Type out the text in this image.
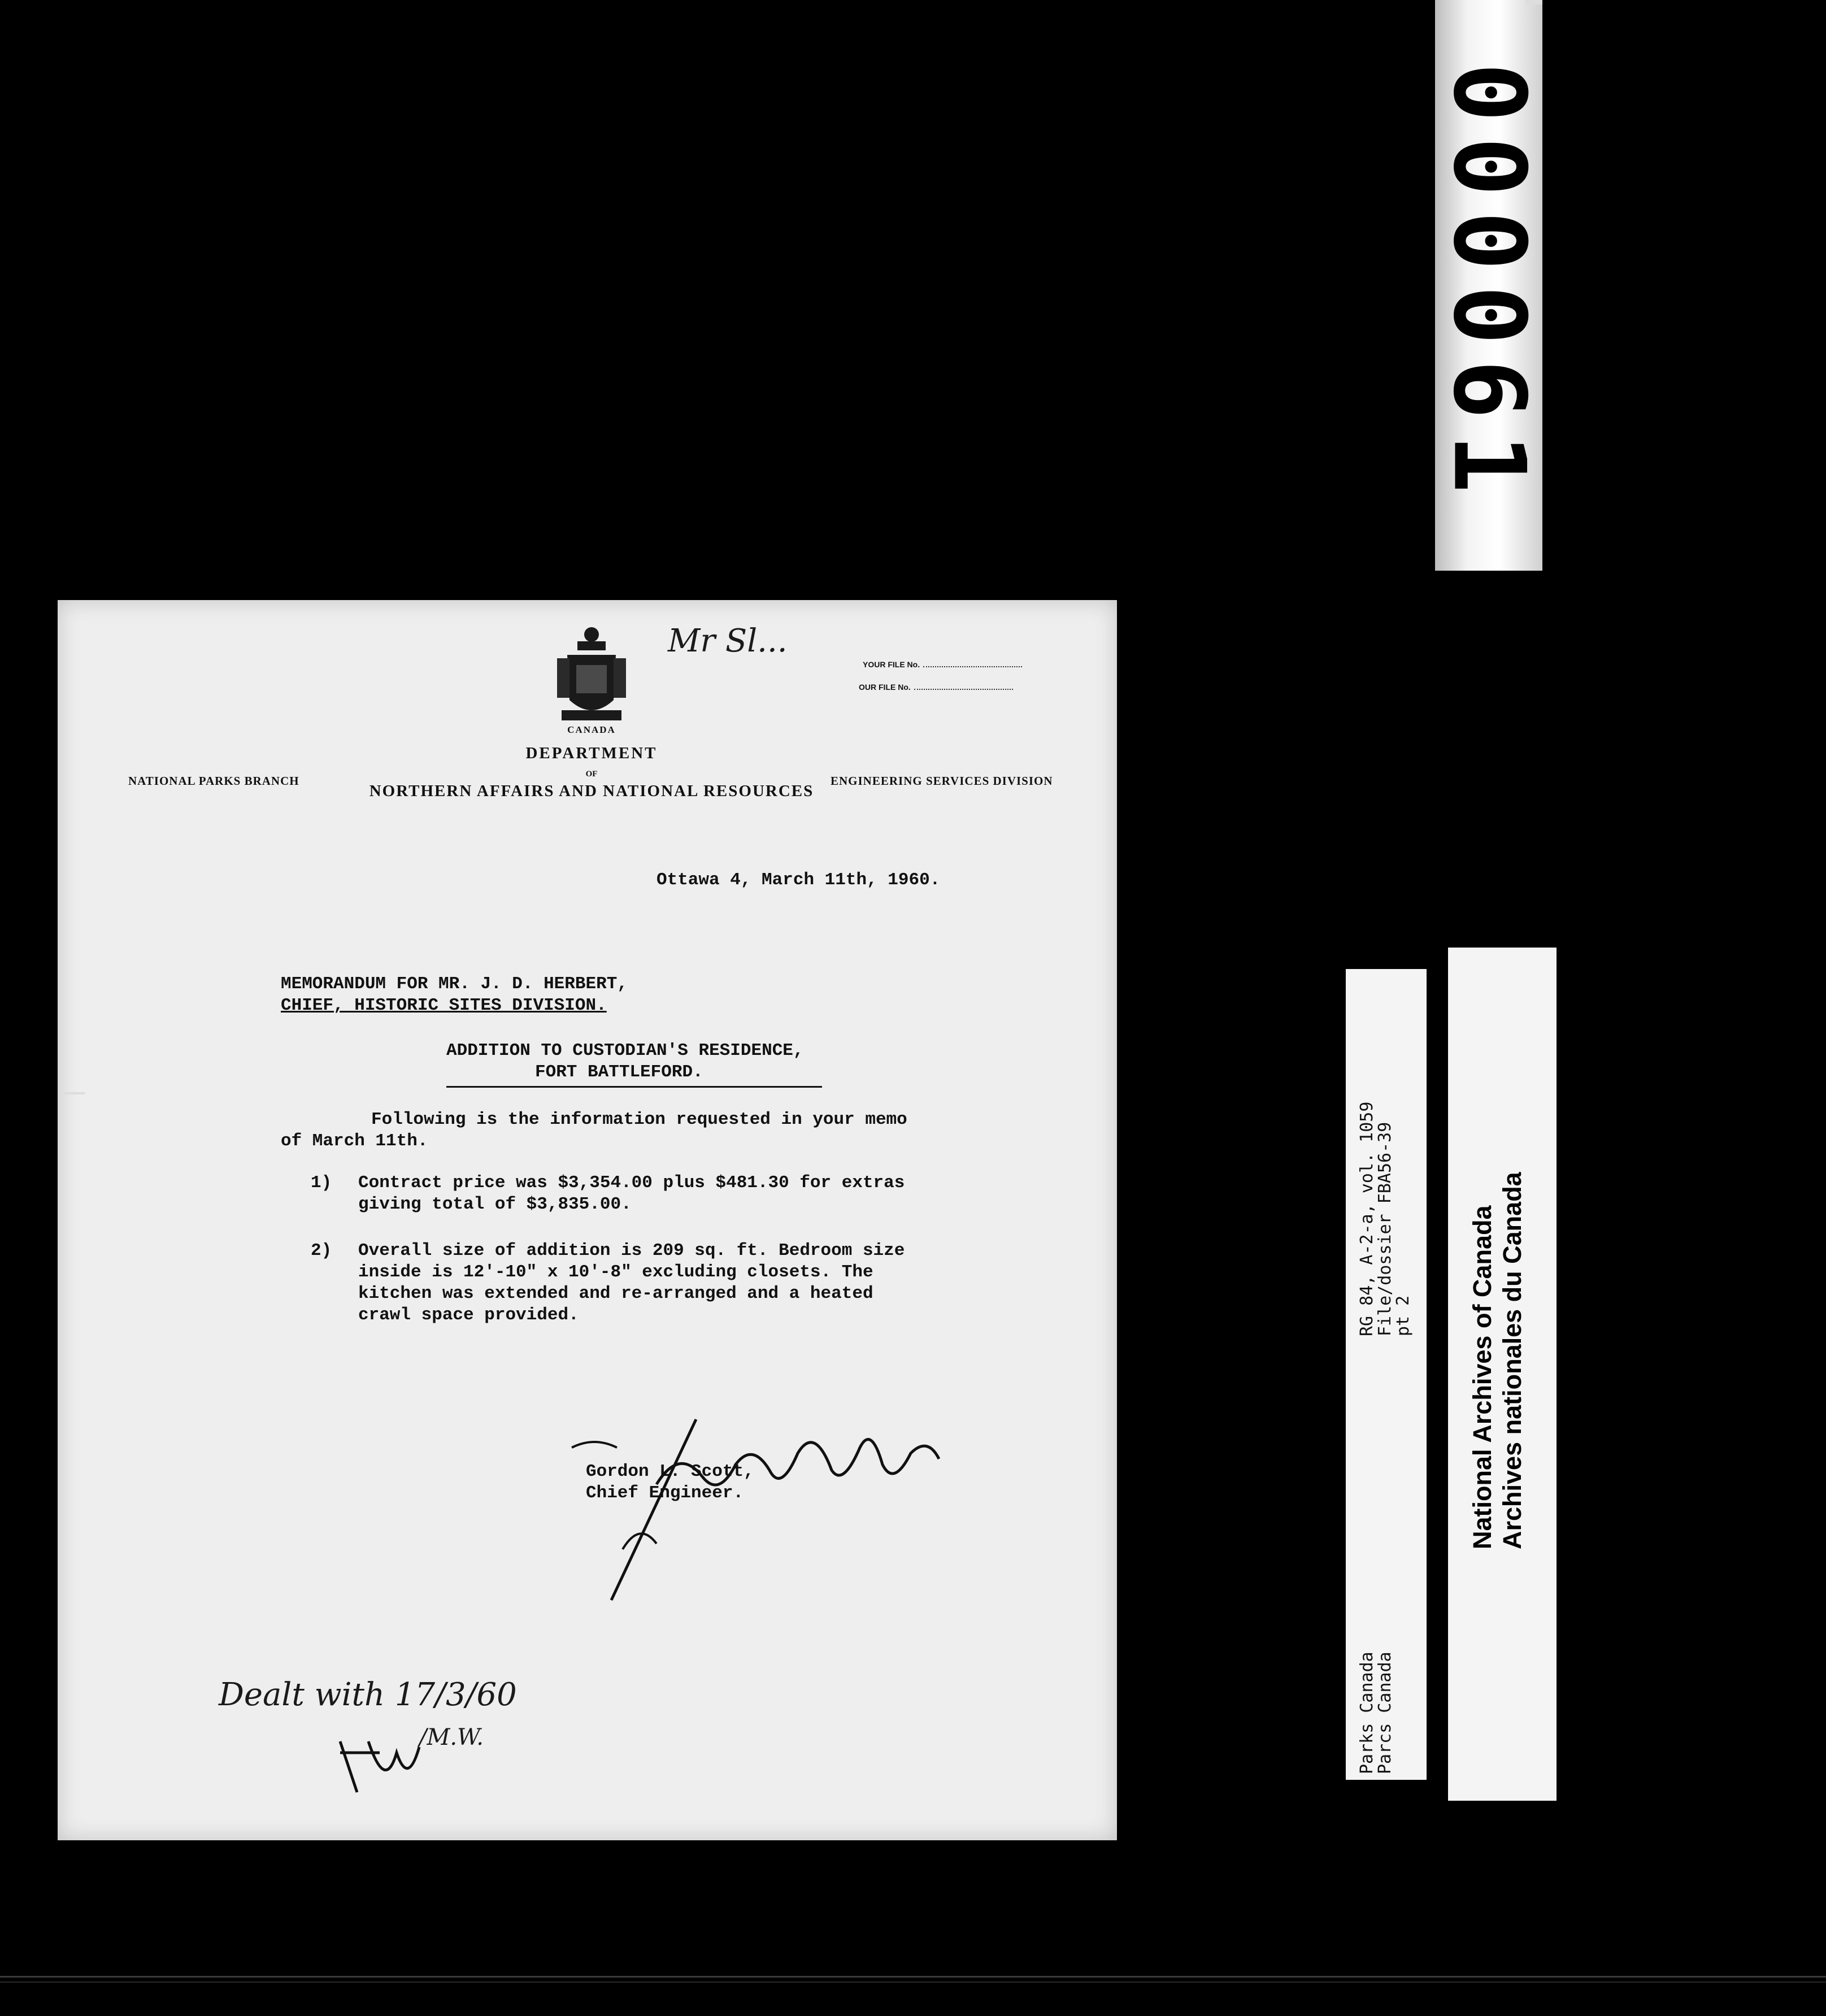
000061
CANADA
DEPARTMENT
OF
NORTHERN AFFAIRS AND NATIONAL RESOURCES
NATIONAL PARKS BRANCH	ENGINEERING SERVICES DIVISION
YOUR FILE No.
OUR FILE No.
Mr Sl...
Ottawa 4, March 11th, 1960.
MEMORANDUM FOR MR. J. D. HERBERT,
CHIEF, HISTORIC SITES DIVISION.
ADDITION TO CUSTODIAN'S RESIDENCE,
FORT BATTLEFORD.
Following is the information requested in your memo
of March 11th.
1) Contract price was $3,354.00 plus $481.30 for extras
giving total of $3,835.00.
2) Overall size of addition is 209 sq. ft. Bedroom size
inside is 12'-10" x 10'-8" excluding closets. The
kitchen was extended and re-arranged and a heated
crawl space provided.
Gordon L. Scott,
Chief Engineer.
Dealt with 17/3/60
/M.W.
RG 84, A-2-a, vol. 1059
File/dossier FBA56-39
pt 2
Parks Canada
Parcs Canada
National Archives of Canada Archives nationales du Canada
